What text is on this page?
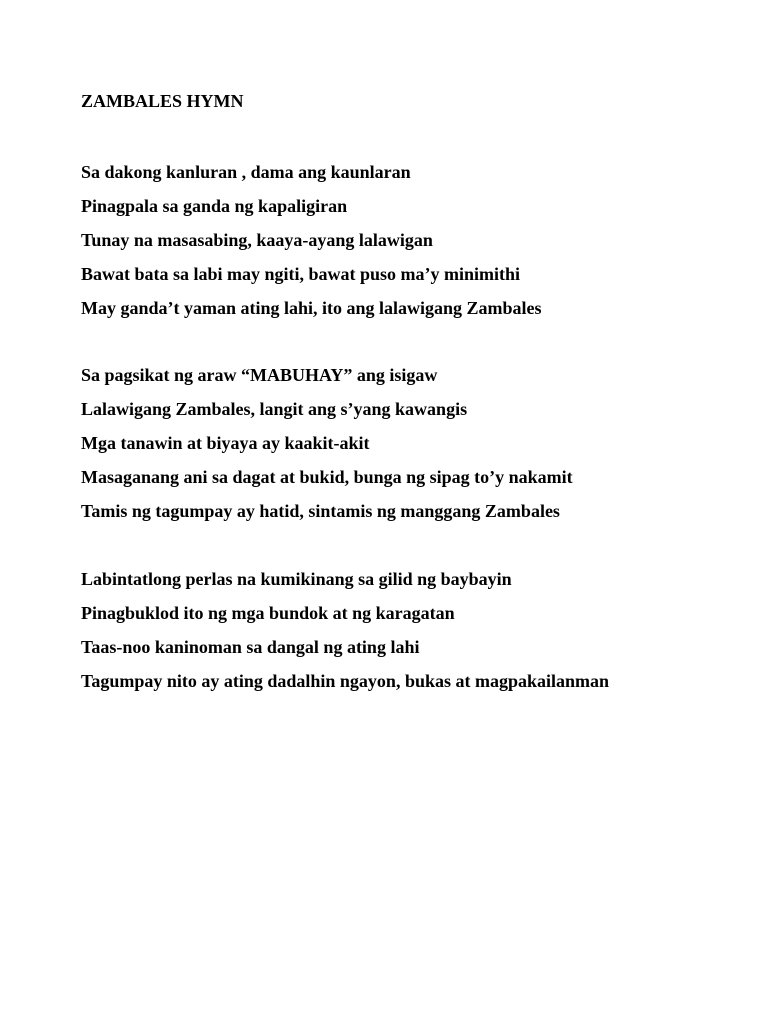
ZAMBALES HYMN
Sa dakong kanluran , dama ang kaunlaran
Pinagpala sa ganda ng kapaligiran
Tunay na masasabing, kaaya-ayang lalawigan
Bawat bata sa labi may ngiti, bawat puso ma’y minimithi
May ganda’t yaman ating lahi, ito ang lalawigang Zambales
Sa pagsikat ng araw “MABUHAY” ang isigaw
Lalawigang Zambales, langit ang s’yang kawangis
Mga tanawin at biyaya ay kaakit-akit
Masaganang ani sa dagat at bukid, bunga ng sipag to’y nakamit
Tamis ng tagumpay ay hatid, sintamis ng manggang Zambales
Labintatlong perlas na kumikinang sa gilid ng baybayin
Pinagbuklod ito ng mga bundok at ng karagatan
Taas-noo kaninoman sa dangal ng ating lahi
Tagumpay nito ay ating dadalhin ngayon, bukas at magpakailanman
